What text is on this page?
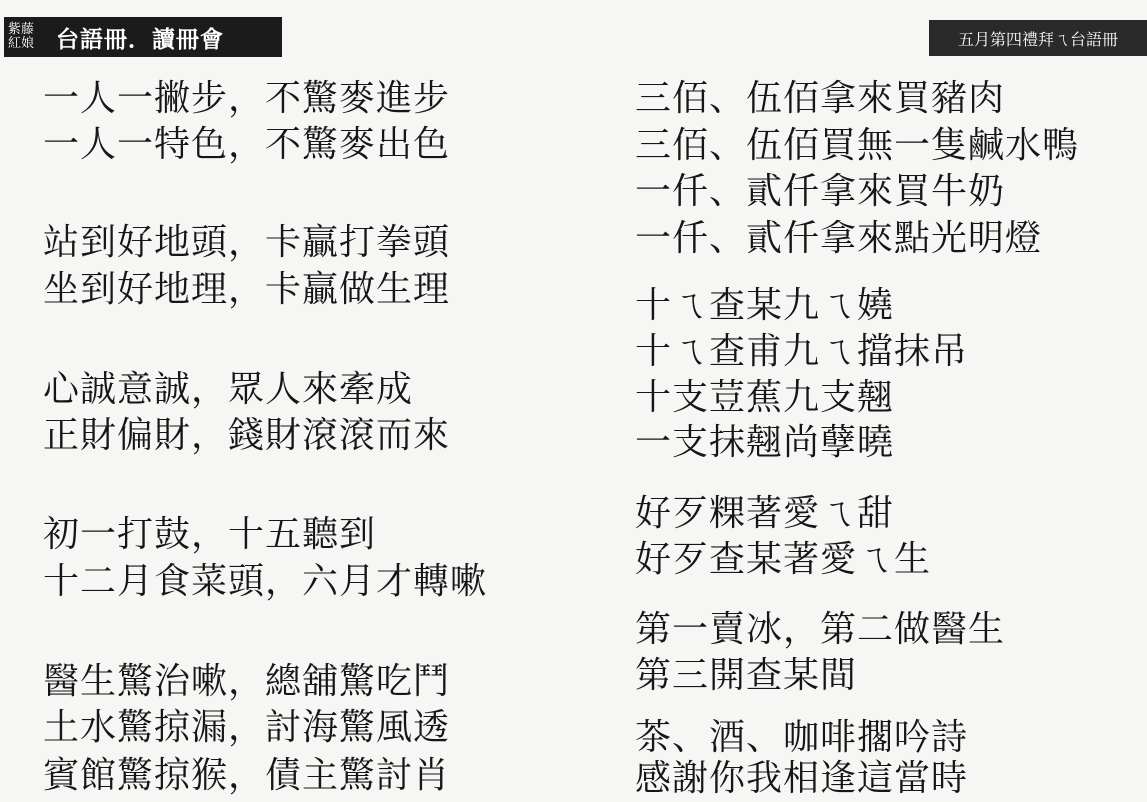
紫藤
紅娘 台語冊．讀冊會	五月第四禮拜ㄟ台語冊
一人一撇步，不驚麥進步
一人一特色，不驚麥出色
站到好地頭，卡贏打拳頭
坐到好地理，卡贏做生理
心誠意誠，眾人來牽成
正財偏財，錢財滾滾而來
初一打鼓，十五聽到
十二月食菜頭，六月才轉嗽
醫生驚治嗽，總舖驚吃鬥
土水驚掠漏，討海驚風透
賓館驚掠猴，債主驚討肖
三佰、伍佰拿來買豬肉
三佰、伍佰買無一隻鹹水鴨
一仟、貳仟拿來買牛奶
一仟、貳仟拿來點光明燈
十ㄟ查某九ㄟ嬈
十ㄟ查甫九ㄟ擋抹吊
十支荳蕉九支翹
一支抹翹尚孽曉
好歹粿著愛ㄟ甜
好歹查某著愛ㄟ生
第一賣冰，第二做醫生
第三開查某間
茶、酒、咖啡擱吟詩
感謝你我相逢這當時
